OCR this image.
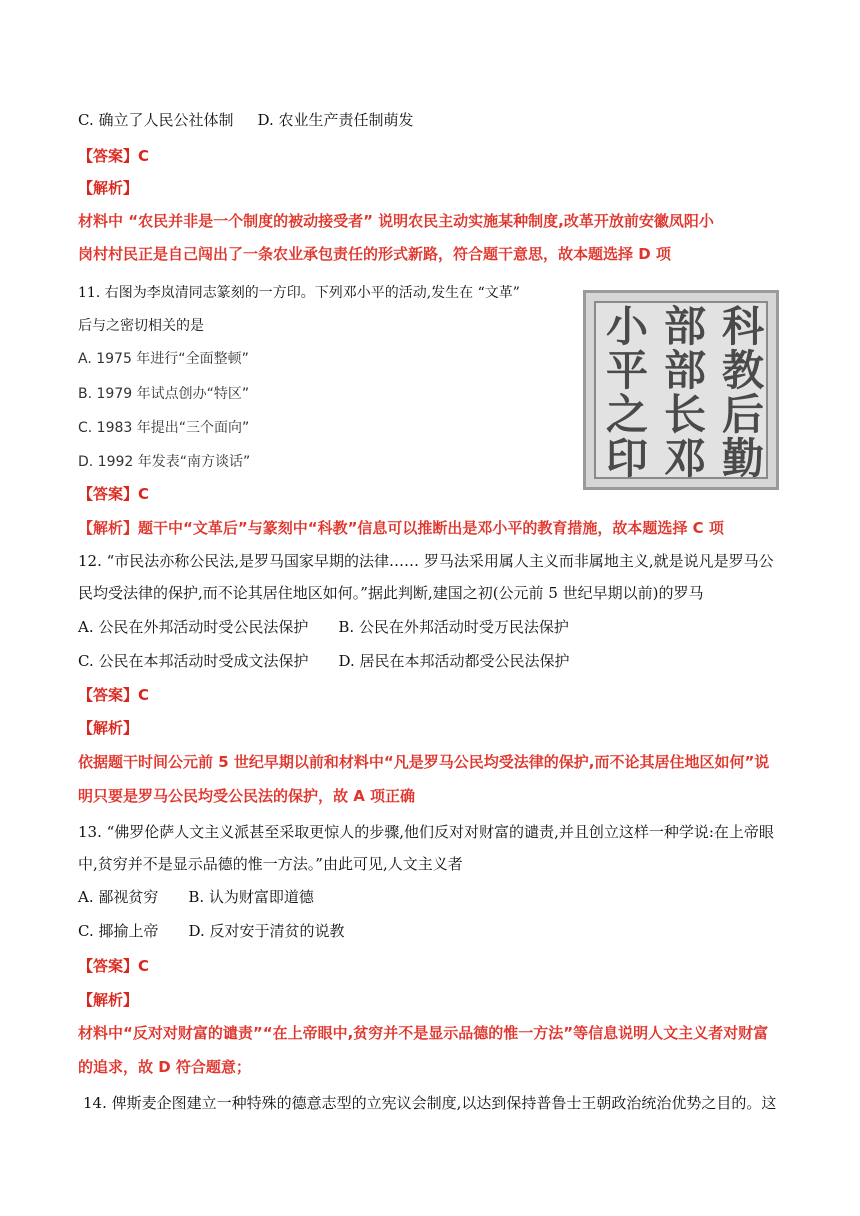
C. 确立了人民公社体制 D. 农业生产责任制萌发
【答案】C
【解析】
材料中 “农民并非是一个制度的被动接受者” 说明农民主动实施某种制度,改革开放前安徽凤阳小
岗村村民正是自己闯出了一条农业承包责任的形式新路，符合题干意思，故本题选择 D 项
11. 右图为李岚清同志篆刻的一方印。下列邓小平的活动,发生在 “文革”
后与之密切相关的是
A. 1975 年进行“全面整顿”
B. 1979 年试点创办“特区”
C. 1983 年提出“三个面向”
D. 1992 年发表“南方谈话”
【答案】C
【解析】题干中“文革后”与篆刻中“科教”信息可以推断出是邓小平的教育措施，故本题选择 C 项
小
平
之
印
部
部
长
邓
科
教
后
勤
12. “市民法亦称公民法,是罗马国家早期的法律…… 罗马法采用属人主义而非属地主义,就是说凡是罗马公
民均受法律的保护,而不论其居住地区如何。”据此判断,建国之初(公元前 5 世纪早期以前)的罗马
A. 公民在外邦活动时受公民法保护 B. 公民在外邦活动时受万民法保护
C. 公民在本邦活动时受成文法保护 D. 居民在本邦活动都受公民法保护
【答案】C
【解析】
依据题干时间公元前 5 世纪早期以前和材料中“凡是罗马公民均受法律的保护,而不论其居住地区如何”说
明只要是罗马公民均受公民法的保护，故 A 项正确
13. “佛罗伦萨人文主义派甚至采取更惊人的步骤,他们反对对财富的谴责,并且创立这样一种学说:在上帝眼
中,贫穷并不是显示品德的惟一方法。”由此可见,人文主义者
A. 鄙视贫穷 B. 认为财富即道德
C. 揶揄上帝 D. 反对安于清贫的说教
【答案】C
【解析】
材料中“反对对财富的谴责”“在上帝眼中,贫穷并不是显示品德的惟一方法”等信息说明人文主义者对财富
的追求，故 D 符合题意；
14. 俾斯麦企图建立一种特殊的德意志型的立宪议会制度,以达到保持普鲁士王朝政治统治优势之目的。这
